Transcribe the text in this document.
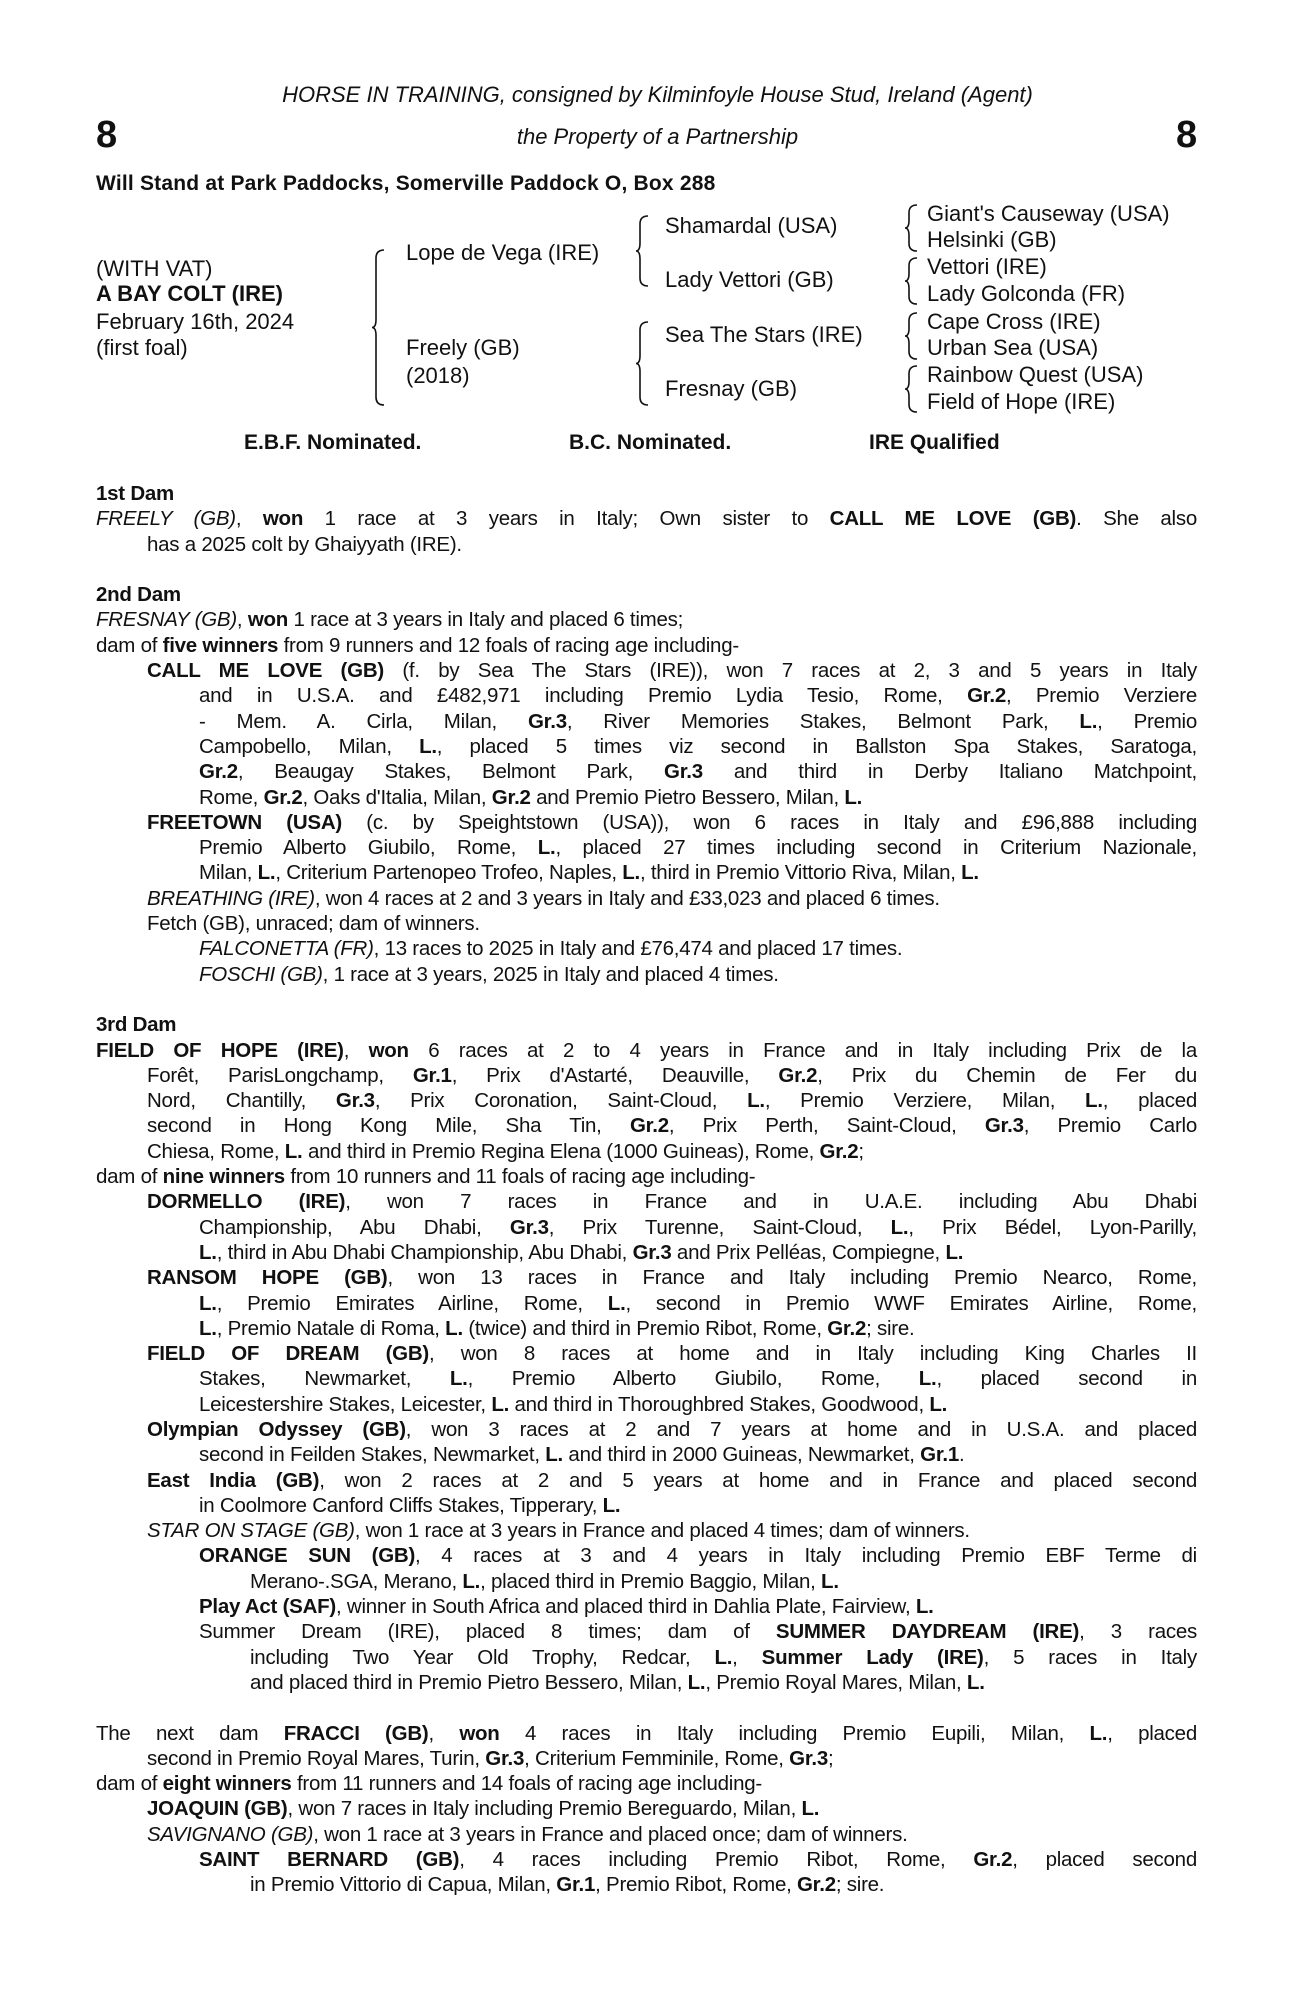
HORSE IN TRAINING, consigned by Kilminfoyle House Stud, Ireland (Agent)
8	the Property of a Partnership	8
Will Stand at Park Paddocks, Somerville Paddock O, Box 288
(WITH VAT)
A BAY COLT (IRE)
February 16th, 2024
(first foal)
Lope de Vega (IRE)
Freely (GB)
(2018)
Shamardal (USA)
Lady Vettori (GB)
Sea The Stars (IRE)
Fresnay (GB)
Giant's Causeway (USA)
Helsinki (GB)
Vettori (IRE)
Lady Golconda (FR)
Cape Cross (IRE)
Urban Sea (USA)
Rainbow Quest (USA)
Field of Hope (IRE)
E.B.F. Nominated.	B.C. Nominated.	IRE Qualified
1st Dam
FREELY (GB), won 1 race at 3 years in Italy; Own sister to CALL ME LOVE (GB). She also
has a 2025 colt by Ghaiyyath (IRE).
2nd Dam
FRESNAY (GB), won 1 race at 3 years in Italy and placed 6 times;
dam of five winners from 9 runners and 12 foals of racing age including-
CALL ME LOVE (GB) (f. by Sea The Stars (IRE)), won 7 races at 2, 3 and 5 years in Italy
and in U.S.A. and £482,971 including Premio Lydia Tesio, Rome, Gr.2, Premio Verziere
- Mem. A. Cirla, Milan, Gr.3, River Memories Stakes, Belmont Park, L., Premio
Campobello, Milan, L., placed 5 times viz second in Ballston Spa Stakes, Saratoga,
Gr.2, Beaugay Stakes, Belmont Park, Gr.3 and third in Derby Italiano Matchpoint,
Rome, Gr.2, Oaks d'Italia, Milan, Gr.2 and Premio Pietro Bessero, Milan, L.
FREETOWN (USA) (c. by Speightstown (USA)), won 6 races in Italy and £96,888 including
Premio Alberto Giubilo, Rome, L., placed 27 times including second in Criterium Nazionale,
Milan, L., Criterium Partenopeo Trofeo, Naples, L., third in Premio Vittorio Riva, Milan, L.
BREATHING (IRE), won 4 races at 2 and 3 years in Italy and £33,023 and placed 6 times.
Fetch (GB), unraced; dam of winners.
FALCONETTA (FR), 13 races to 2025 in Italy and £76,474 and placed 17 times.
FOSCHI (GB), 1 race at 3 years, 2025 in Italy and placed 4 times.
3rd Dam
FIELD OF HOPE (IRE), won 6 races at 2 to 4 years in France and in Italy including Prix de la
Forêt, ParisLongchamp, Gr.1, Prix d'Astarté, Deauville, Gr.2, Prix du Chemin de Fer du
Nord, Chantilly, Gr.3, Prix Coronation, Saint-Cloud, L., Premio Verziere, Milan, L., placed
second in Hong Kong Mile, Sha Tin, Gr.2, Prix Perth, Saint-Cloud, Gr.3, Premio Carlo
Chiesa, Rome, L. and third in Premio Regina Elena (1000 Guineas), Rome, Gr.2;
dam of nine winners from 10 runners and 11 foals of racing age including-
DORMELLO (IRE), won 7 races in France and in U.A.E. including Abu Dhabi
Championship, Abu Dhabi, Gr.3, Prix Turenne, Saint-Cloud, L., Prix Bédel, Lyon-Parilly,
L., third in Abu Dhabi Championship, Abu Dhabi, Gr.3 and Prix Pelléas, Compiegne, L.
RANSOM HOPE (GB), won 13 races in France and Italy including Premio Nearco, Rome,
L., Premio Emirates Airline, Rome, L., second in Premio WWF Emirates Airline, Rome,
L., Premio Natale di Roma, L. (twice) and third in Premio Ribot, Rome, Gr.2; sire.
FIELD OF DREAM (GB), won 8 races at home and in Italy including King Charles II
Stakes, Newmarket, L., Premio Alberto Giubilo, Rome, L., placed second in
Leicestershire Stakes, Leicester, L. and third in Thoroughbred Stakes, Goodwood, L.
Olympian Odyssey (GB), won 3 races at 2 and 7 years at home and in U.S.A. and placed
second in Feilden Stakes, Newmarket, L. and third in 2000 Guineas, Newmarket, Gr.1.
East India (GB), won 2 races at 2 and 5 years at home and in France and placed second
in Coolmore Canford Cliffs Stakes, Tipperary, L.
STAR ON STAGE (GB), won 1 race at 3 years in France and placed 4 times; dam of winners.
ORANGE SUN (GB), 4 races at 3 and 4 years in Italy including Premio EBF Terme di
Merano-.SGA, Merano, L., placed third in Premio Baggio, Milan, L.
Play Act (SAF), winner in South Africa and placed third in Dahlia Plate, Fairview, L.
Summer Dream (IRE), placed 8 times; dam of SUMMER DAYDREAM (IRE), 3 races
including Two Year Old Trophy, Redcar, L., Summer Lady (IRE), 5 races in Italy
and placed third in Premio Pietro Bessero, Milan, L., Premio Royal Mares, Milan, L.
The next dam FRACCI (GB), won 4 races in Italy including Premio Eupili, Milan, L., placed
second in Premio Royal Mares, Turin, Gr.3, Criterium Femminile, Rome, Gr.3;
dam of eight winners from 11 runners and 14 foals of racing age including-
JOAQUIN (GB), won 7 races in Italy including Premio Bereguardo, Milan, L.
SAVIGNANO (GB), won 1 race at 3 years in France and placed once; dam of winners.
SAINT BERNARD (GB), 4 races including Premio Ribot, Rome, Gr.2, placed second
in Premio Vittorio di Capua, Milan, Gr.1, Premio Ribot, Rome, Gr.2; sire.
